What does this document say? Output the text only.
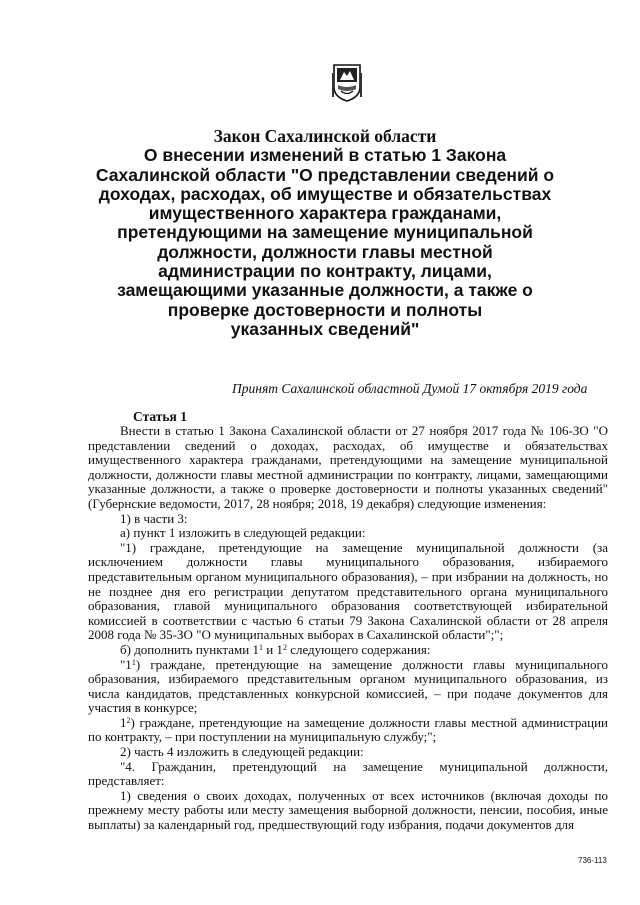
Закон Сахалинской области
О внесении изменений в статью 1 Закона
Сахалинской области "О представлении сведений о
доходах, расходах, об имуществе и обязательствах
имущественного характера гражданами,
претендующими на замещение муниципальной
должности, должности главы местной
администрации по контракту, лицами,
замещающими указанные должности, а также о
проверке достоверности и полноты
указанных сведений"
Принят Сахалинской областной Думой 17 октября 2019 года
Статья 1

Внести в статью 1 Закона Сахалинской области от 27 ноября 2017 года № 106-ЗО "О представлении сведений о доходах, расходах, об имуществе и обязательствах имущественного характера гражданами, претендующими на замещение муниципальной должности, должности главы местной администрации по контракту, лицами, замещающими указанные должности, а также о проверке достоверности и полноты указанных сведений" (Губернские ведомости, 2017, 28 ноября; 2018, 19 декабря) следующие изменения:

1) в части 3:

а) пункт 1 изложить в следующей редакции:

"1) граждане, претендующие на замещение муниципальной должности (за исключением должности главы муниципального образования, избираемого представительным органом муниципального образования), – при избрании на должность, но не позднее дня его регистрации депутатом представительного органа муниципального образования, главой муниципального образования соответствующей избирательной комиссией в соответствии с частью 6 статьи 79 Закона Сахалинской области от 28 апреля 2008 года № 35-ЗО "О муниципальных выборах в Сахалинской области";";

б) дополнить пунктами $1^1$ и $1^2$ следующего содержания:

"$1^1$) граждане, претендующие на замещение должности главы муниципального образования, избираемого представительным органом муниципального образования, из числа кандидатов, представленных конкурсной комиссией, – при подаче документов для участия в конкурсе;

$1^2$) граждане, претендующие на замещение должности главы местной администрации по контракту, – при поступлении на муниципальную службу;";

2) часть 4 изложить в следующей редакции:

"4. Гражданин, претендующий на замещение муниципальной должности, представляет:

1) сведения о своих доходах, полученных от всех источников (включая доходы по прежнему месту работы или месту замещения выборной должности, пенсии, пособия, иные выплаты) за календарный год, предшествующий году избрания, подачи документов для

736-113
